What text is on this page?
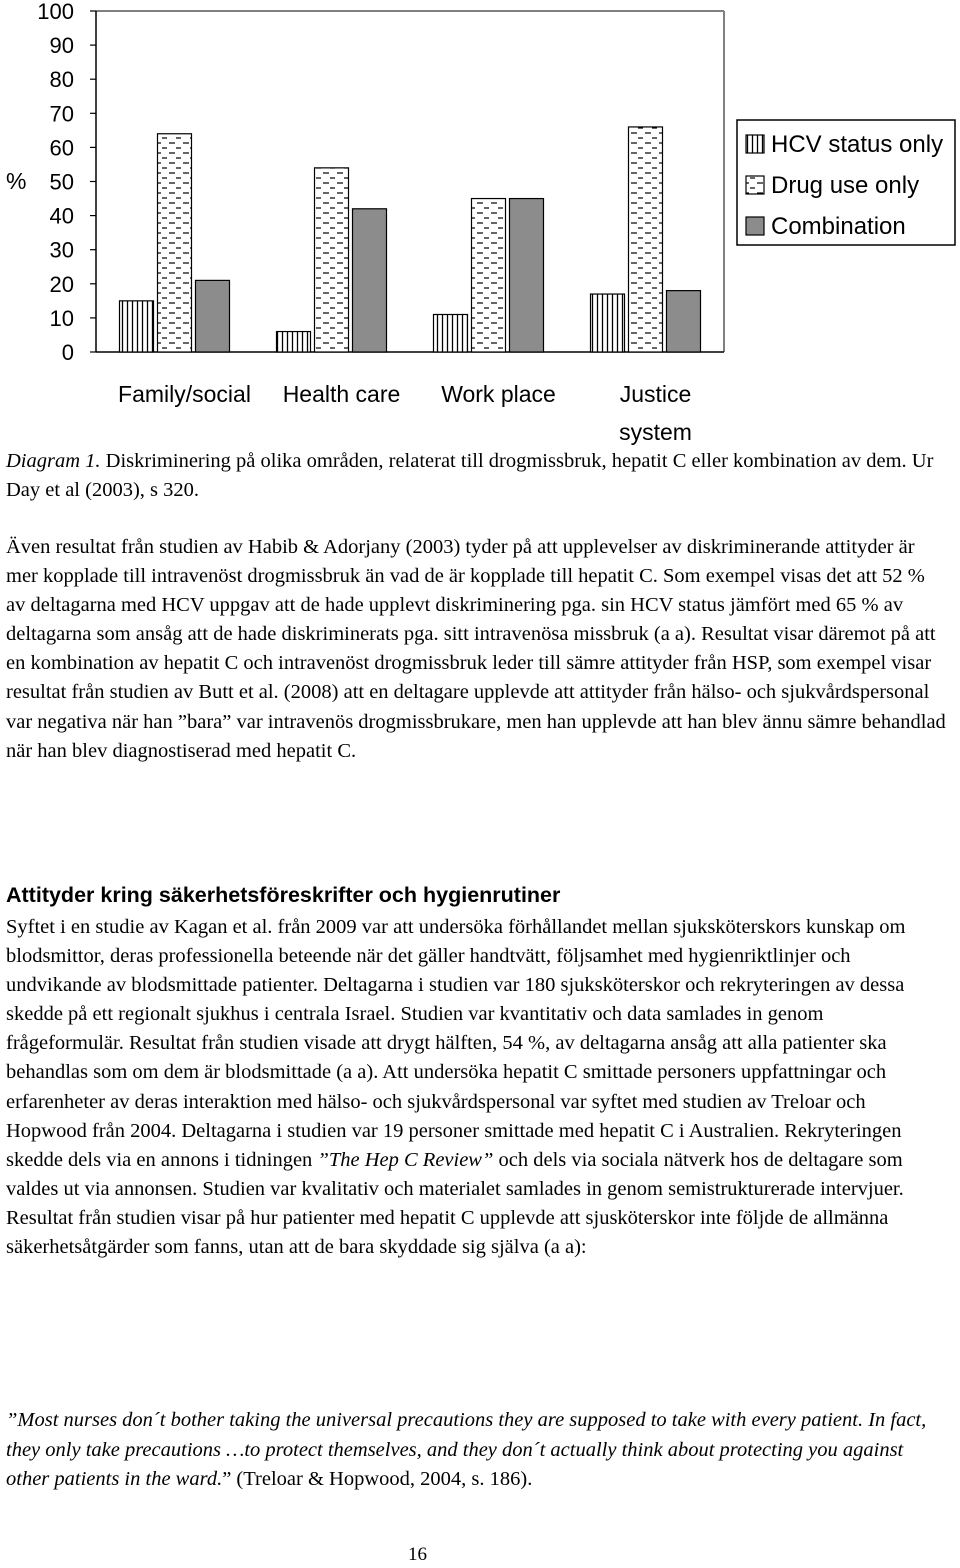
100
90
80
70
60
50
40
30
20
10
0
%
Family/social Health care Work place	Justice
system
HCV status only
Drug use only
Combination
Diagram 1. Diskriminering på olika områden, relaterat till drogmissbruk, hepatit C eller kombination av dem. Ur Day et al (2003), s 320.

Även resultat från studien av Habib & Adorjany (2003) tyder på att upplevelser av diskriminerande attityder är mer kopplade till intravenöst drogmissbruk än vad de är kopplade till hepatit C. Som exempel visas det att 52 % av deltagarna med HCV uppgav att de hade upplevt diskriminering pga. sin HCV status jämfört med 65 % av deltagarna som ansåg att de hade diskriminerats pga. sitt intravenösa missbruk (a a). Resultat visar däremot på att en kombination av hepatit C och intravenöst drogmissbruk leder till sämre attityder från HSP, som exempel visar resultat från studien av Butt et al. (2008) att en deltagare upplevde att attityder från hälso- och sjukvårdspersonal var negativa när han ”bara” var intravenös drogmissbrukare, men han upplevde att han blev ännu sämre behandlad när han blev diagnostiserad med hepatit C.

Attityder kring säkerhetsföreskrifter och hygienrutiner

Syftet i en studie av Kagan et al. från 2009 var att undersöka förhållandet mellan sjuksköterskors kunskap om blodsmittor, deras professionella beteende när det gäller handtvätt, följsamhet med hygienriktlinjer och undvikande av blodsmittade patienter. Deltagarna i studien var 180 sjuksköterskor och rekryteringen av dessa skedde på ett regionalt sjukhus i centrala Israel. Studien var kvantitativ och data samlades in genom frågeformulär. Resultat från studien visade att drygt hälften, 54 %, av deltagarna ansåg att alla patienter ska behandlas som om dem är blodsmittade (a a). Att undersöka hepatit C smittade personers uppfattningar och erfarenheter av deras interaktion med hälso- och sjukvårdspersonal var syftet med studien av Treloar och Hopwood från 2004. Deltagarna i studien var 19 personer smittade med hepatit C i Australien. Rekryteringen skedde dels via en annons i tidningen ”The Hep C Review” och dels via sociala nätverk hos de deltagare som valdes ut via annonsen. Studien var kvalitativ och materialet samlades in genom semistrukturerade intervjuer. Resultat från studien visar på hur patienter med hepatit C upplevde att sjusköterskor inte följde de allmänna säkerhetsåtgärder som fanns, utan att de bara skyddade sig själva (a a):

”Most nurses don´t bother taking the universal precautions they are supposed to take with every patient. In fact, they only take precautions …to protect themselves, and they don´t actually think about protecting you against other patients in the ward.” (Treloar & Hopwood, 2004, s. 186).

16
